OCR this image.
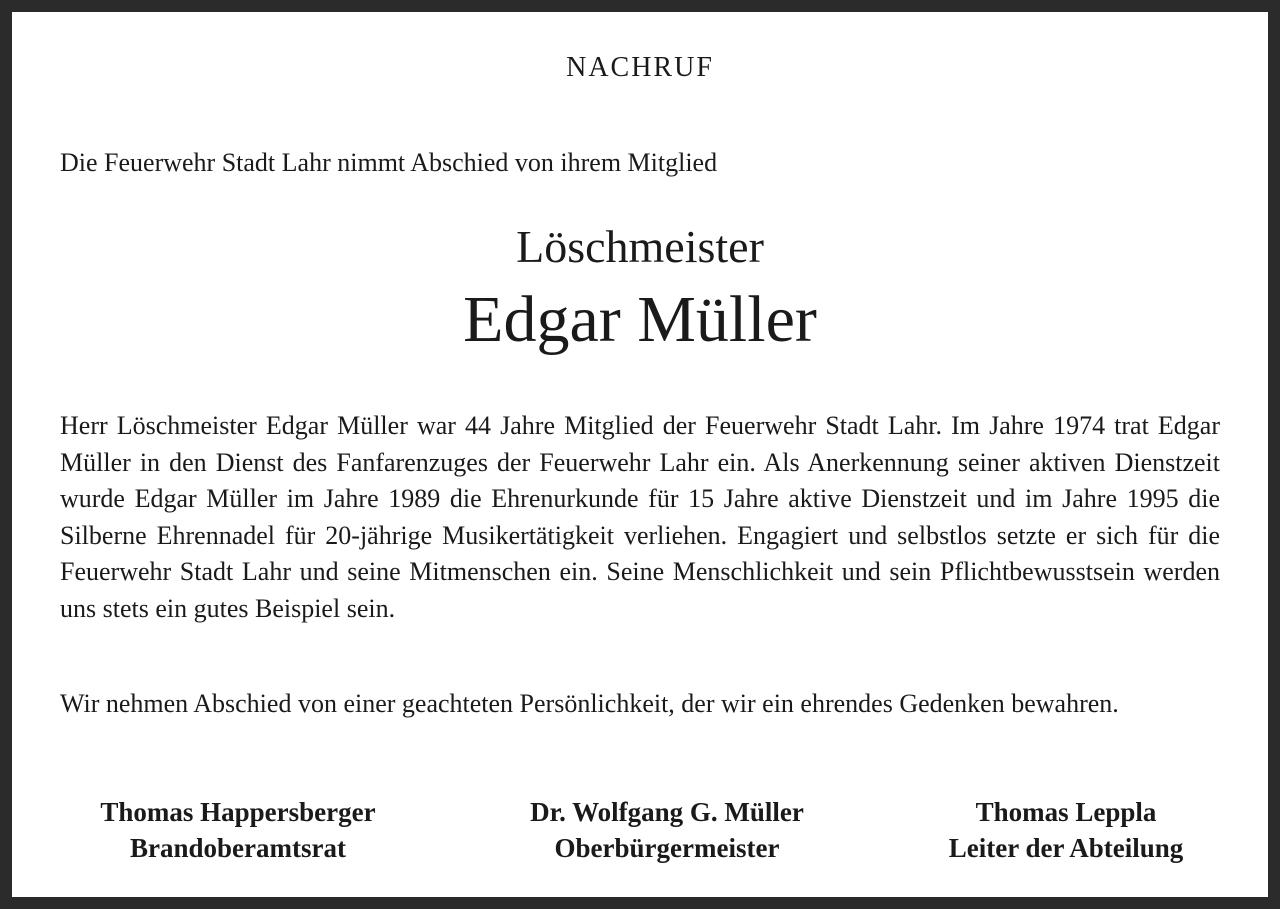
NACHRUF
Die Feuerwehr Stadt Lahr nimmt Abschied von ihrem Mitglied
Löschmeister
Edgar Müller

Herr Löschmeister Edgar Müller war 44 Jahre Mitglied der Feuerwehr Stadt Lahr. Im Jahre 1974 trat Edgar Müller in den Dienst des Fanfarenzuges der Feuerwehr Lahr ein. Als Anerkennung seiner aktiven Dienstzeit wurde Edgar Müller im Jahre 1989 die Ehrenurkunde für 15 Jahre aktive Dienstzeit und im Jahre 1995 die Silberne Ehrennadel für 20-jährige Musikertätigkeit verliehen. Engagiert und selbstlos setzte er sich für die Feuerwehr Stadt Lahr und seine Mitmenschen ein. Seine Menschlichkeit und sein Pflichtbewusstsein werden uns stets ein gutes Beispiel sein.

Wir nehmen Abschied von einer geachteten Persönlichkeit, der wir ein ehrendes Gedenken bewahren.

Thomas Happersberger
Brandoberamtsrat
Dr. Wolfgang G. Müller
Oberbürgermeister
Thomas Leppla
Leiter der Abteilung
